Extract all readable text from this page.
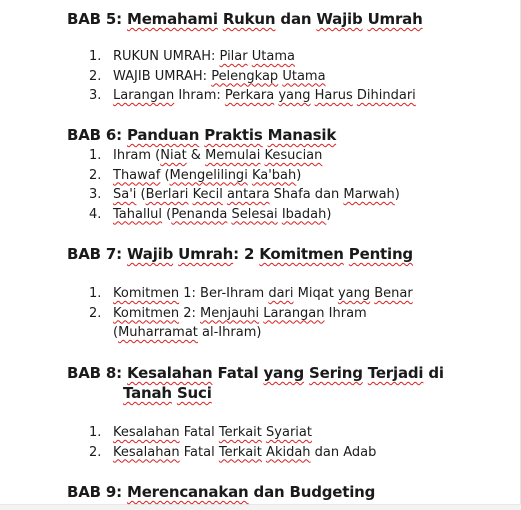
BAB 5: Memahami Rukun dan Wajib Umrah
1. RUKUN UMRAH: Pilar Utama
2. WAJIB UMRAH: Pelengkap Utama
3. Larangan Ihram: Perkara yang Harus Dihindari
BAB 6: Panduan Praktis Manasik
1. Ihram (Niat & Memulai Kesucian
2. Thawaf (Mengelilingi Ka'bah)
3. Sa'i (Berlari Kecil antara Shafa dan Marwah)
4. Tahallul (Penanda Selesai Ibadah)
BAB 7: Wajib Umrah: 2 Komitmen Penting
1. Komitmen 1: Ber-Ihram dari Miqat yang Benar
2. Komitmen 2: Menjauhi Larangan Ihram
(Muharramat al-Ihram)
BAB 8: Kesalahan Fatal yang Sering Terjadi di
Tanah Suci
1. Kesalahan Fatal Terkait Syariat
2. Kesalahan Fatal Terkait Akidah dan Adab
BAB 9: Merencanakan dan Budgeting
